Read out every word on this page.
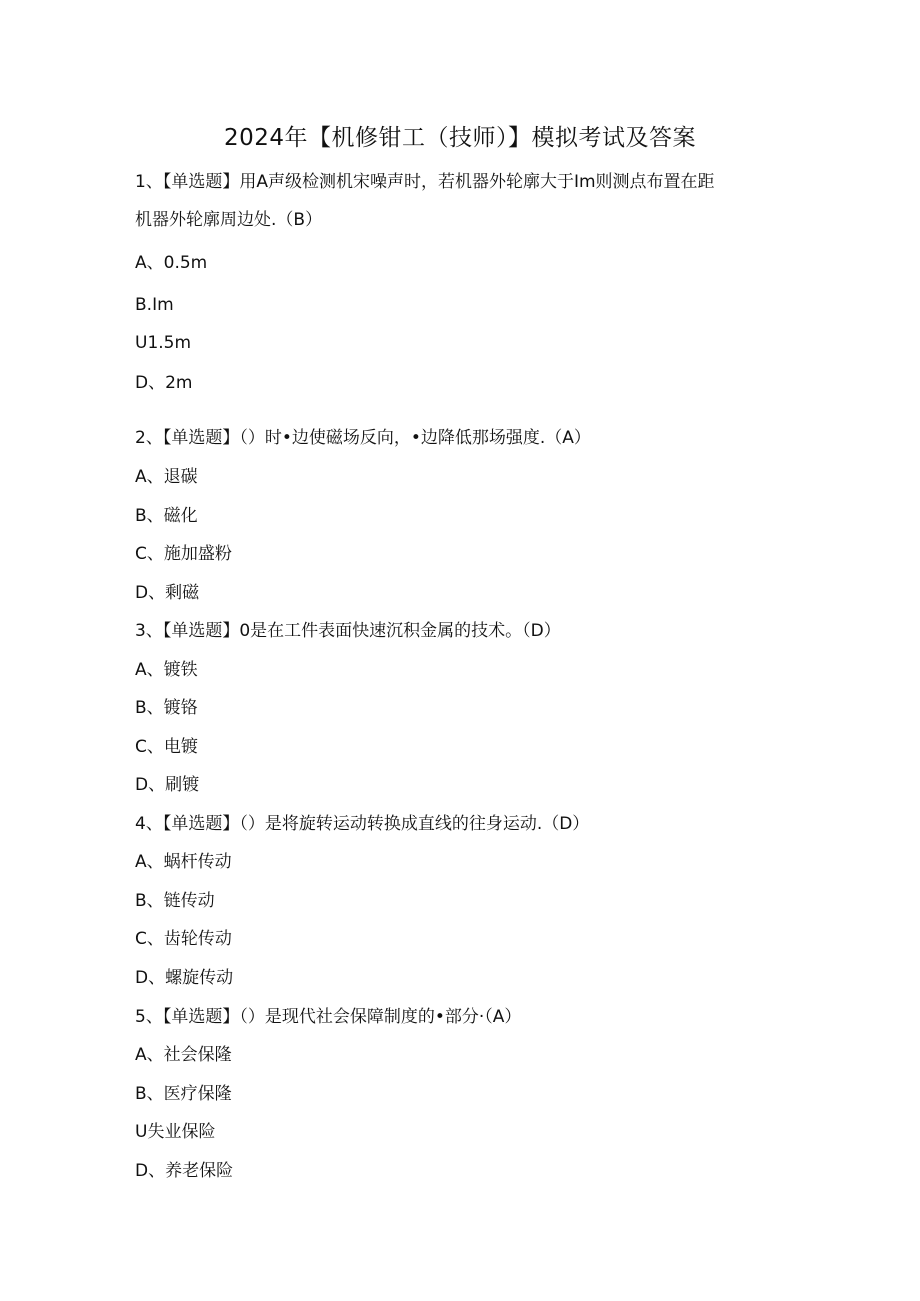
2024年【机修钳工（技师）】模拟考试及答案
1、【单选题】用A声级检测机宋噪声时，若机器外轮廓大于Im则测点布置在距
机器外轮廓周边处.（B）
A、0.5m
B.Im
U1.5m
D、2m
2、【单选题】（）时•边使磁场反向，•边降低那场强度.（A）
A、退碳
B、磁化
C、施加盛粉
D、剩磁
3、【单选题】0是在工件表面快速沉积金属的技术。（D）
A、镀铁
B、镀铬
C、电镀
D、刷镀
4、【单选题】（）是将旋转运动转换成直线的往身运动.（D）
A、蜗杆传动
B、链传动
C、齿轮传动
D、螺旋传动
5、【单选题】（）是现代社会保障制度的•部分·（A）
A、社会保隆
B、医疗保隆
U失业保险
D、养老保险
